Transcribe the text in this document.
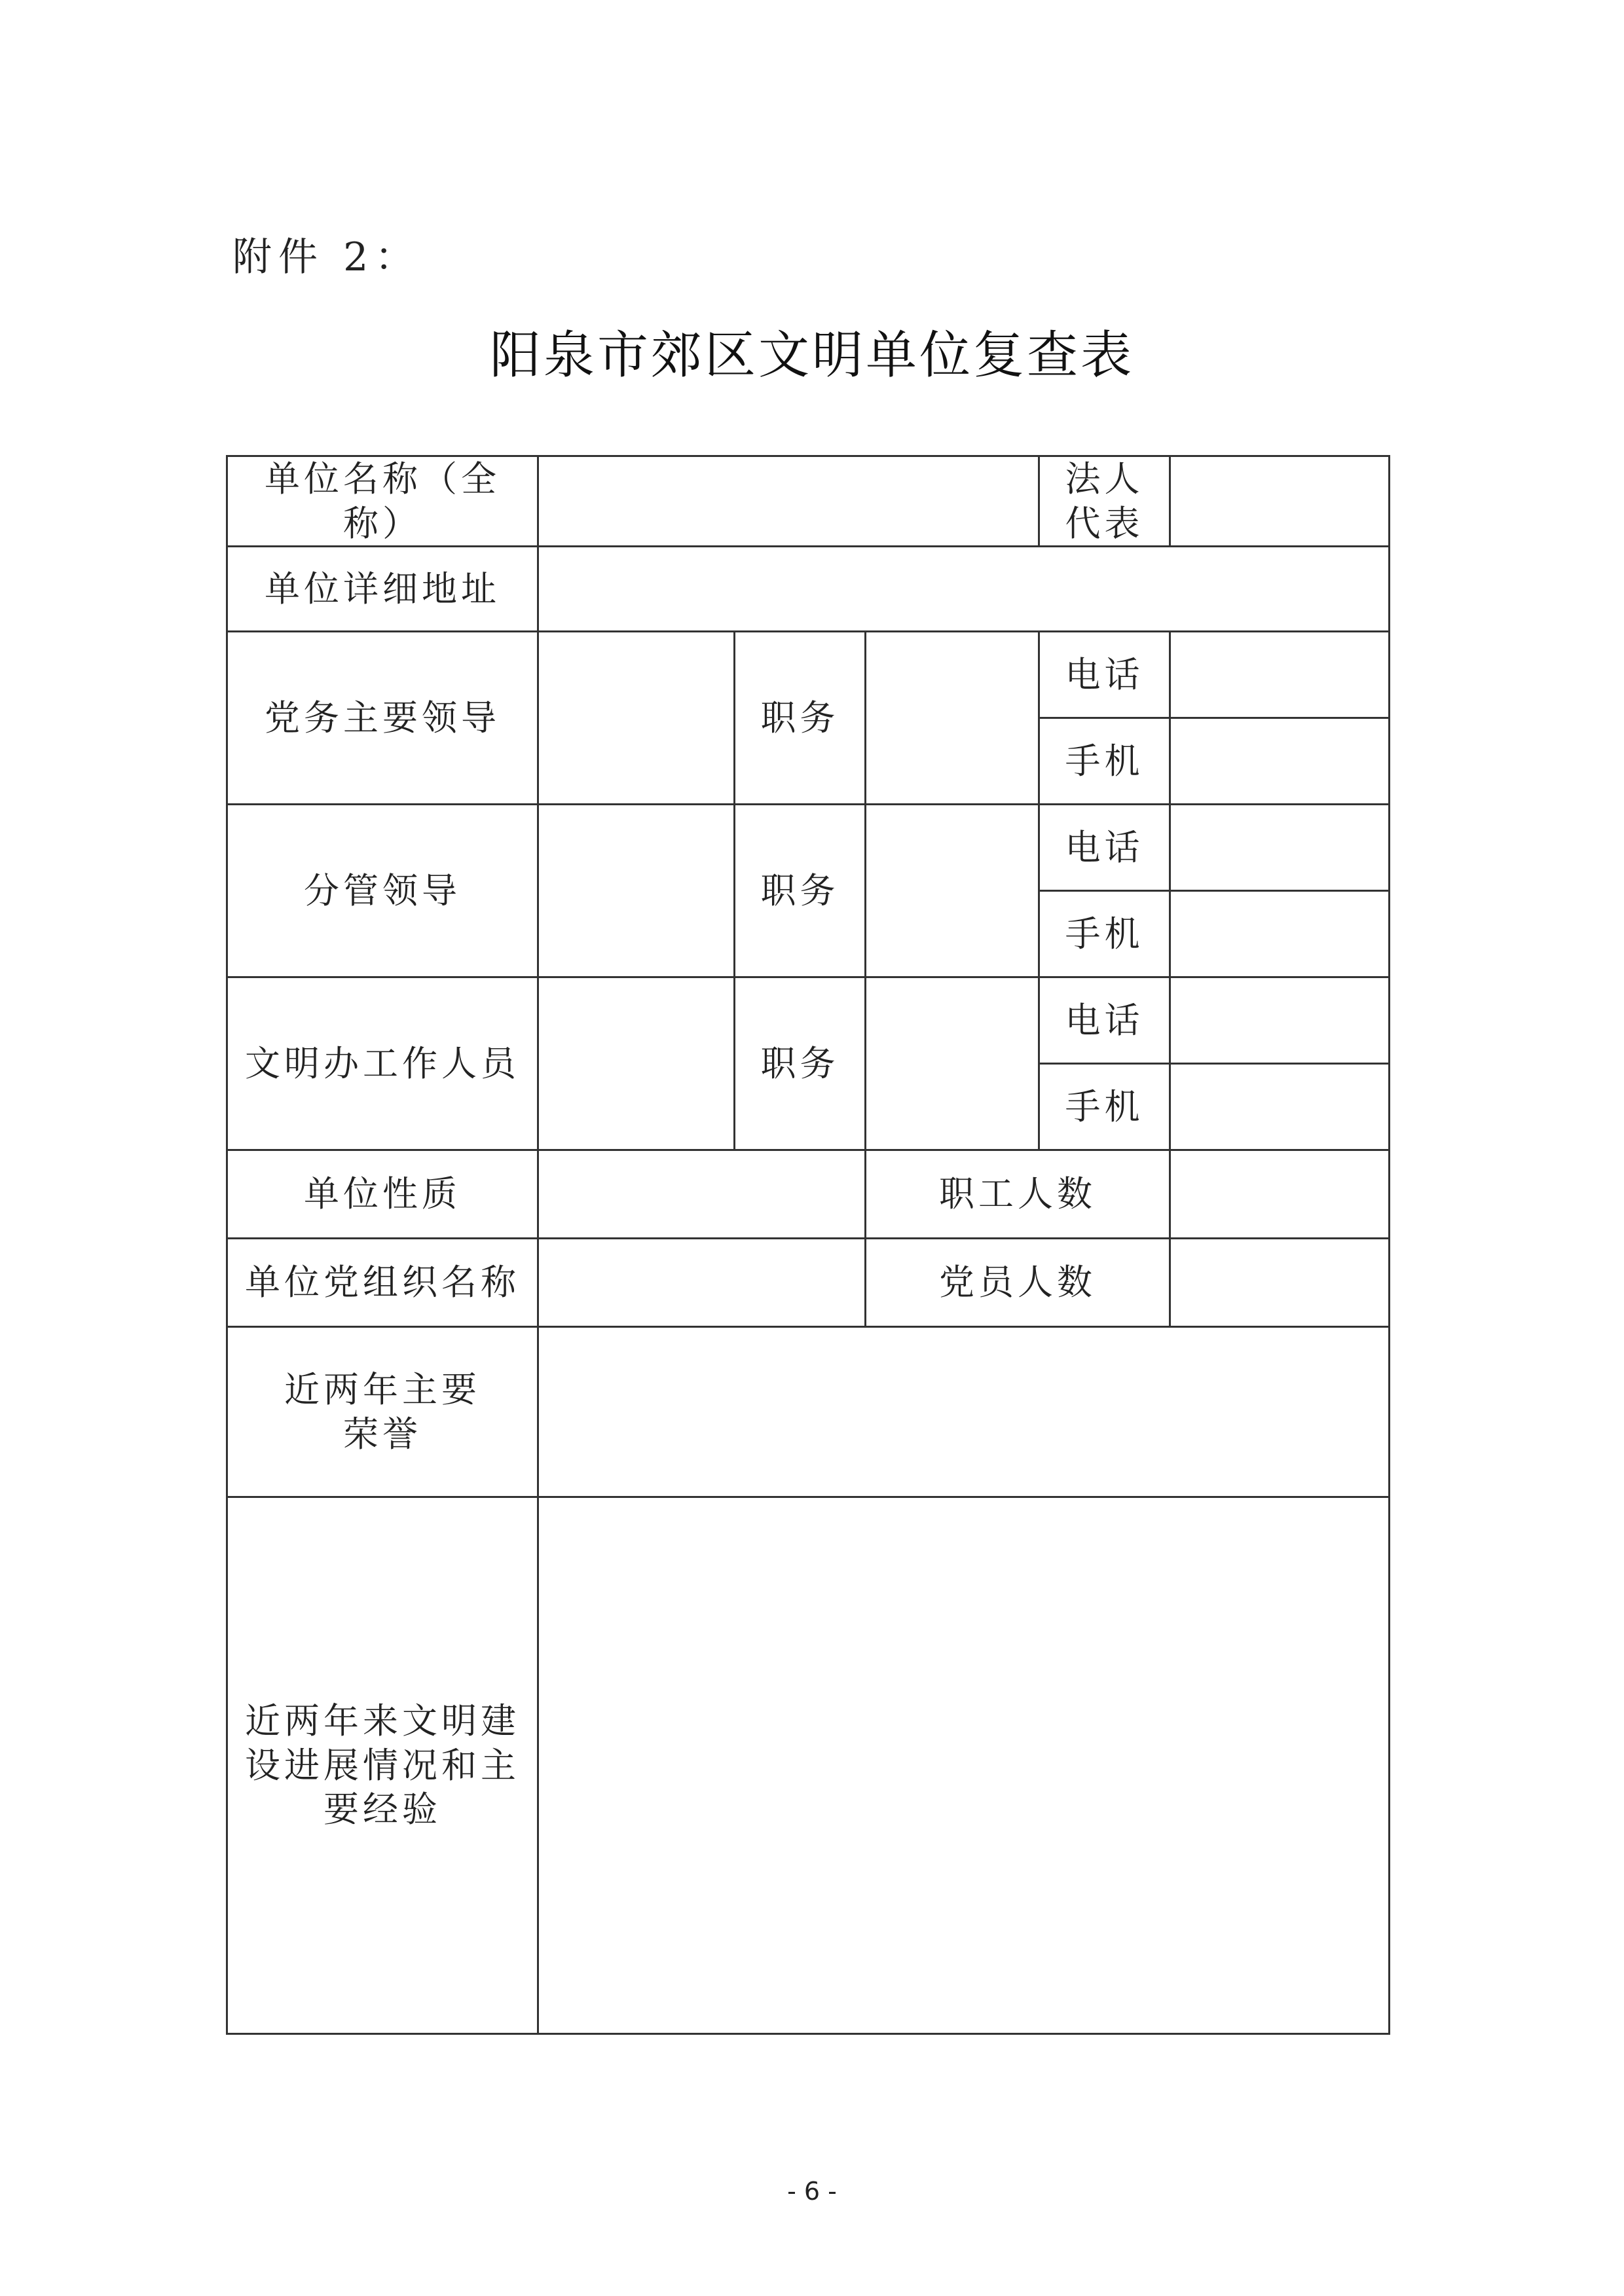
附件 2：
阳泉市郊区文明单位复查表
单位名称（全称）				法人代表	
单位详细地址					
党务主要领导		职务		电话	
				手机	
分管领导		职务		电话	
				手机	
文明办工作人员		职务		电话	
				手机	
单位性质			职工人数		
单位党组织名称			党员人数		
近两年主要荣誉					
近两年来文明建设进展情况和主要经验					
- 6 -
